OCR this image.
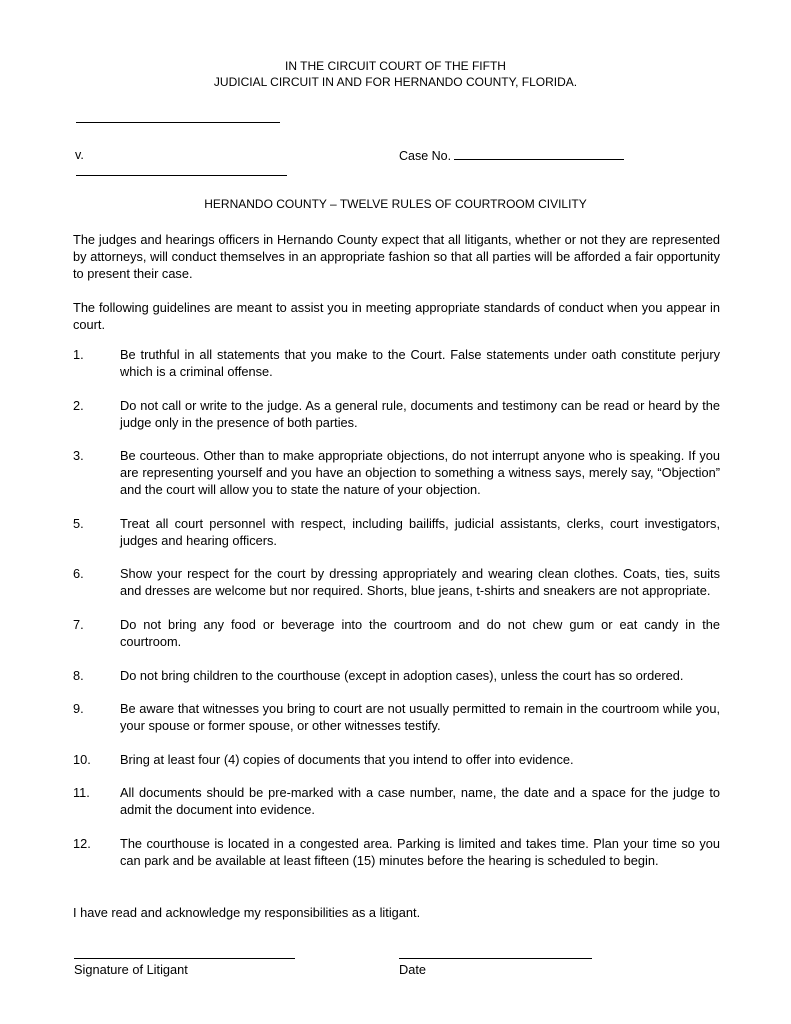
IN THE CIRCUIT COURT OF THE FIFTH
JUDICIAL CIRCUIT IN AND FOR HERNANDO COUNTY, FLORIDA.
v.	Case No.
HERNANDO COUNTY – TWELVE RULES OF COURTROOM CIVILITY

The judges and hearings officers in Hernando County expect that all litigants, whether or not they are represented by attorneys, will conduct themselves in an appropriate fashion so that all parties will be afforded a fair opportunity to present their case.

The following guidelines are meant to assist you in meeting appropriate standards of conduct when you appear in court.

1.	Be truthful in all statements that you make to the Court. False statements under oath constitute perjury which is a criminal offense.
2.	Do not call or write to the judge. As a general rule, documents and testimony can be read or heard by the judge only in the presence of both parties.
3.	Be courteous. Other than to make appropriate objections, do not interrupt anyone who is speaking. If you are representing yourself and you have an objection to something a witness says, merely say, “Objection” and the court will allow you to state the nature of your objection.
5.	Treat all court personnel with respect, including bailiffs, judicial assistants, clerks, court investigators, judges and hearing officers.
6.	Show your respect for the court by dressing appropriately and wearing clean clothes. Coats, ties, suits and dresses are welcome but nor required. Shorts, blue jeans, t-shirts and sneakers are not appropriate.
7.	Do not bring any food or beverage into the courtroom and do not chew gum or eat candy in the courtroom.
8.	Do not bring children to the courthouse (except in adoption cases), unless the court has so ordered.
9.	Be aware that witnesses you bring to court are not usually permitted to remain in the courtroom while you, your spouse or former spouse, or other witnesses testify.
10.	Bring at least four (4) copies of documents that you intend to offer into evidence.
11.	All documents should be pre-marked with a case number, name, the date and a space for the judge to admit the document into evidence.
12.	The courthouse is located in a congested area. Parking is limited and takes time. Plan your time so you can park and be available at least fifteen (15) minutes before the hearing is scheduled to begin.

I have read and acknowledge my responsibilities as a litigant.

Signature of Litigant	Date
